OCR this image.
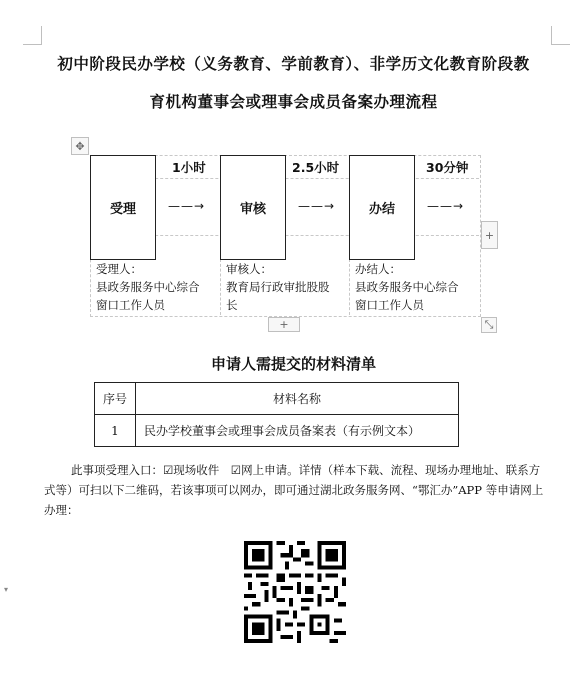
初中阶段民办学校（义务教育、学前教育）、非学历文化教育阶段教
育机构董事会或理事会成员备案办理流程
✥
受理	审核	办结
1小时	2.5小时	30分钟
——→	——→	——→
+
受理人：
县政务服务中心综合
窗口工作人员
审核人：
教育局行政审批股股
长
办结人：
县政务服务中心综合
窗口工作人员
+	⤡
申请人需提交的材料清单
序号	材料名称
1	民办学校董事会或理事会成员备案表（有示例文本）
此事项受理入口：☑现场收件　☑网上申请。详情（样本下载、流程、现场办理地址、联系方式等）可扫以下二维码，若该事项可以网办，即可通过湖北政务服务网、“鄂汇办”APP 等申请网上办理：
▾
